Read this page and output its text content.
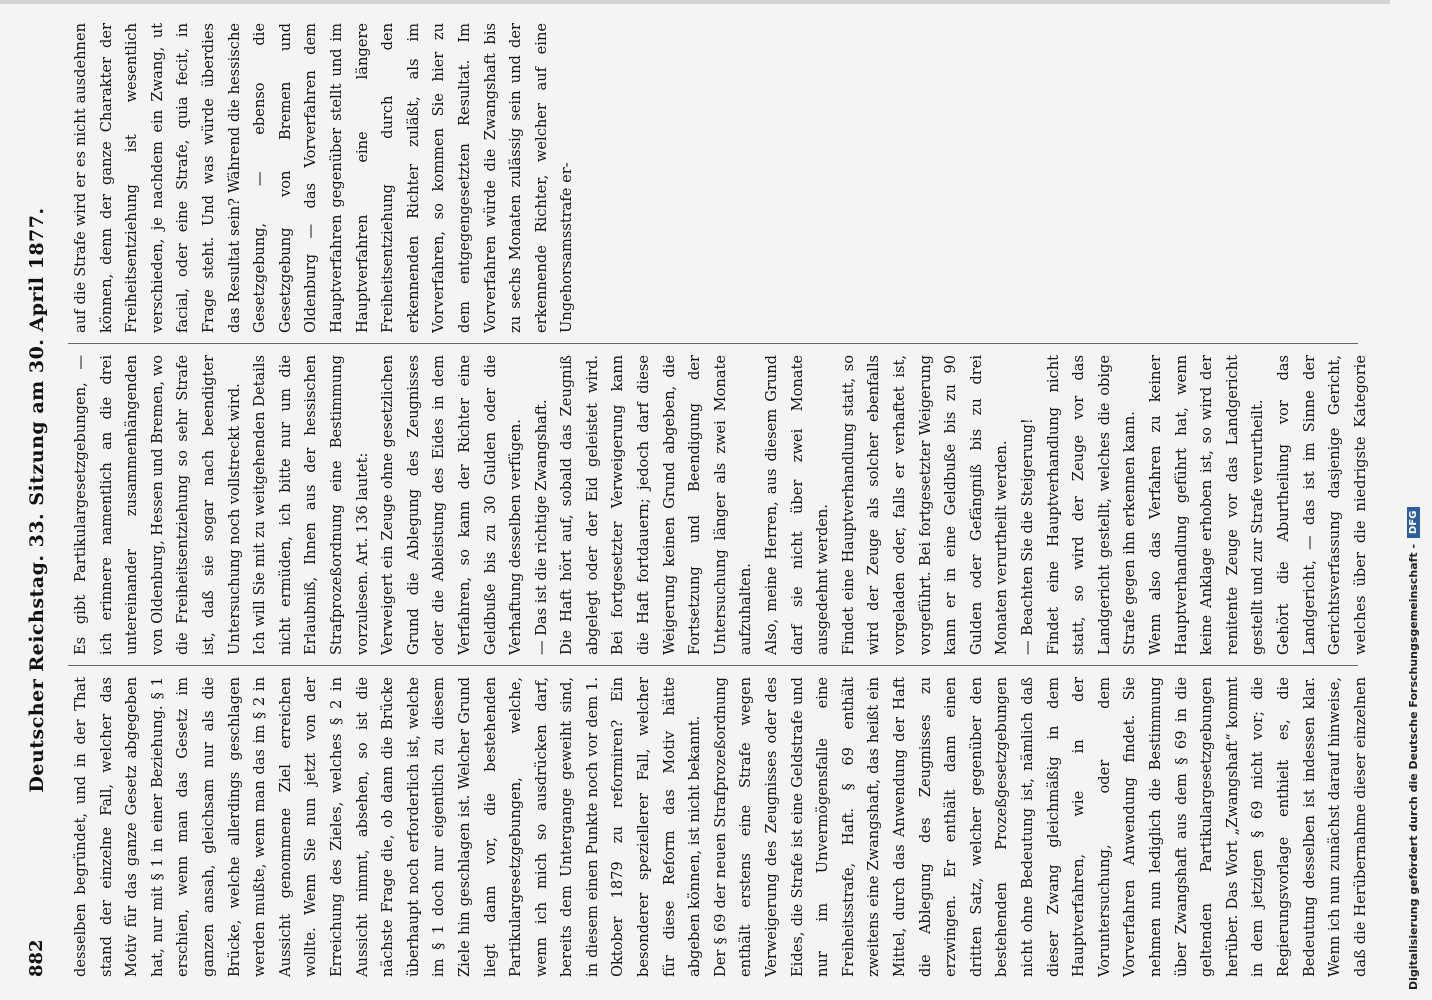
882
Deutscher Reichstag. 33. Sitzung am 30. April 1877.

desselben begründet, und in der That stand der einzelne Fall, welcher das Motiv für das ganze Gesetz abgegeben hat, nur mit § 1 in einer Beziehung. § 1 erschien, wenn man das Gesetz im ganzen ansah, gleichsam nur als die Brücke, welche allerdings geschlagen werden mußte, wenn man das im § 2 in Aussicht genommene Ziel erreichen wollte. Wenn Sie nun jetzt von der Erreichung des Zieles, welches § 2 in Aussicht nimmt, absehen, so ist die nächste Frage die, ob dann die Brücke überhaupt noch erforderlich ist, welche im § 1 doch nur eigentlich zu diesem Ziele hin geschlagen ist. Welcher Grund liegt dann vor, die bestehenden Partikulargesetzgebungen, welche, wenn ich mich so ausdrücken darf, bereits dem Untergange geweiht sind, in diesem einen Punkte noch vor dem 1. Oktober 1879 zu reformiren? Ein besonderer speziellerer Fall, welcher für diese Reform das Motiv hätte abgeben können, ist nicht bekannt. Der § 69 der neuen Strafprozeßordnung enthält erstens eine Strafe wegen Verweigerung des Zeugnisses oder des Eides, die Strafe ist eine Geldstrafe und nur im Unvermögensfalle eine Freiheitsstrafe, Haft. § 69 enthält zweitens eine Zwangshaft, das heißt ein Mittel, durch das Anwendung der Haft die Ablegung des Zeugnisses zu erzwingen. Er enthält dann einen dritten Satz, welcher gegenüber den bestehenden Prozeßgesetzgebungen nicht ohne Bedeutung ist, nämlich daß dieser Zwang gleichmäßig in dem Hauptverfahren, wie in der Voruntersuchung, oder dem Vorverfahren Anwendung findet. Sie nehmen nun lediglich die Bestimmung über Zwangshaft aus dem § 69 in die geltenden Partikulargesetzgebungen herüber. Das Wort „Zwangshaft“ kommt in dem jetzigen § 69 nicht vor; die Regierungsvorlage enthielt es, die Bedeutung desselben ist indessen klar. Wenn ich nun zunächst darauf hinweise, daß die Herübernahme dieser einzelnen

Es gibt Partikulargesetzgebungen, — ich erinnere namentlich an die drei untereinander zusammenhängenden von Oldenburg, Hessen und Bremen, wo die Freiheitsentziehung so sehr Strafe ist, daß sie sogar nach beendigter Untersuchung noch vollstreckt wird. Ich will Sie mit zu weitgehenden Details nicht ermüden, ich bitte nur um die Erlaubniß, Ihnen aus der hessischen Strafprozeßordnung eine Bestimmung vorzulesen. Art. 136 lautet: Verweigert ein Zeuge ohne gesetzlichen Grund die Ablegung des Zeugnisses oder die Ableistung des Eides in dem Verfahren, so kann der Richter eine Geldbuße bis zu 30 Gulden oder die Verhaftung desselben verfügen. — Das ist die richtige Zwangshaft. Die Haft hört auf, sobald das Zeugniß abgelegt oder der Eid geleistet wird. Bei fortgesetzter Verweigerung kann die Haft fortdauern; jedoch darf diese Weigerung keinen Grund abgeben, die Fortsetzung und Beendigung der Untersuchung länger als zwei Monate aufzuhalten. Also, meine Herren, aus diesem Grund darf sie nicht über zwei Monate ausgedehnt werden. Findet eine Hauptverhandlung statt, so wird der Zeuge als solcher ebenfalls vorgeladen oder, falls er verhaftet ist, vorgeführt. Bei fortgesetzter Weigerung kann er in eine Geldbuße bis zu 90 Gulden oder Gefängniß bis zu drei Monaten verurtheilt werden. — Beachten Sie die Steigerung! Findet eine Hauptverhandlung nicht statt, so wird der Zeuge vor das Landgericht gestellt, welches die obige Strafe gegen ihn erkennen kann. Wenn also das Verfahren zu keiner Hauptverhandlung geführt hat, wenn keine Anklage erhoben ist, so wird der renitente Zeuge vor das Landgericht gestellt und zur Strafe verurtheilt. Gehört die Aburtheilung vor das Landgericht, — das ist im Sinne der Gerichtsverfassung dasjenige Gericht, welches über die niedrigste Kategorie

auf die Strafe wird er es nicht ausdehnen können, denn der ganze Charakter der Freiheitsentziehung ist wesentlich verschieden, je nachdem ein Zwang, ut facial, oder eine Strafe, quia fecit, in Frage steht. Und was würde überdies das Resultat sein? Während die hessische Gesetzgebung, — ebenso die Gesetzgebung von Bremen und Oldenburg — das Vorverfahren dem Hauptverfahren gegenüber stellt und im Hauptverfahren eine längere Freiheitsentziehung durch den erkennenden Richter zuläßt, als im Vorverfahren, so kommen Sie hier zu dem entgegengesetzten Resultat. Im Vorverfahren würde die Zwangshaft bis zu sechs Monaten zulässig sein und der erkennende Richter, welcher auf eine Ungehorsamsstrafe er-

Digitalisierung gefördert durch die Deutsche Forschungsgemeinschaft -
DFG
